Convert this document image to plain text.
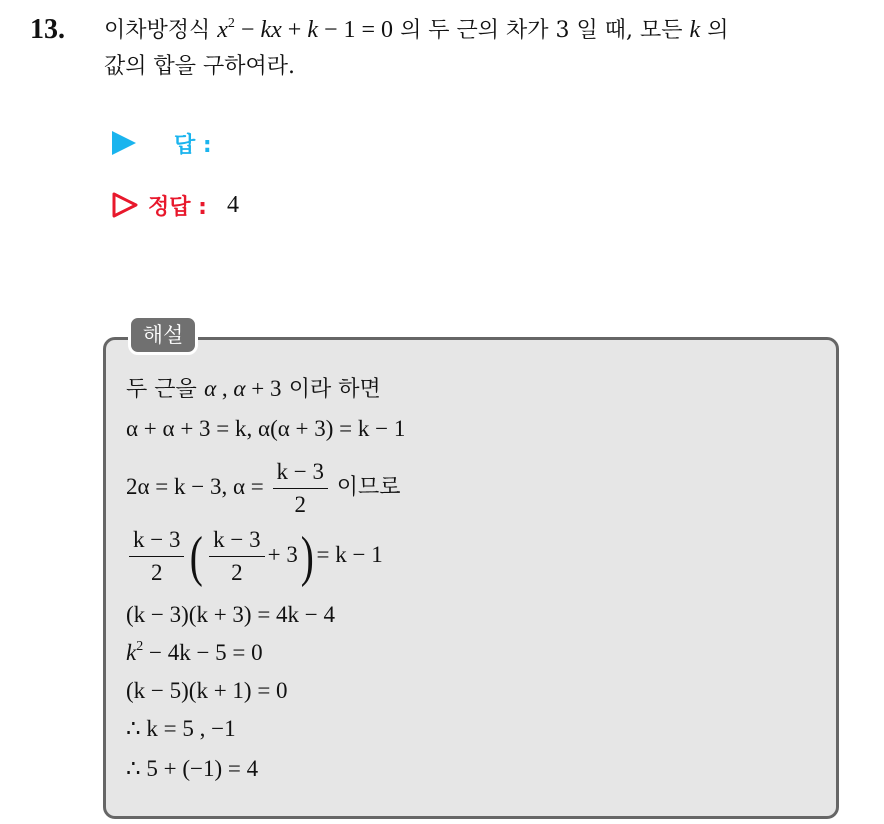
13. 이차방정식 $x^2$ − kx + k − 1 = 0 의 두 근의 차가 3 일 때, 모든 k 의
값의 합을 구하여라.
답 :
정답 : 4
해설
두 근을 α , α + 3 이라 하면
α + α + 3 = k, α(α + 3) = k − 1
2α = k − 3, $\alpha = \frac{k - 3}{2}$ 이므로
$\frac{k - 3}{2}$ ( $\frac{k - 3}{2} + 3) = k - 1$
(k − 3)(k + 3) = 4k − 4
$k^2 - 4k - 5 = 0$
(k − 5)(k + 1) = 0
∴ k = 5 , −1
∴ 5 + (−1) = 4
